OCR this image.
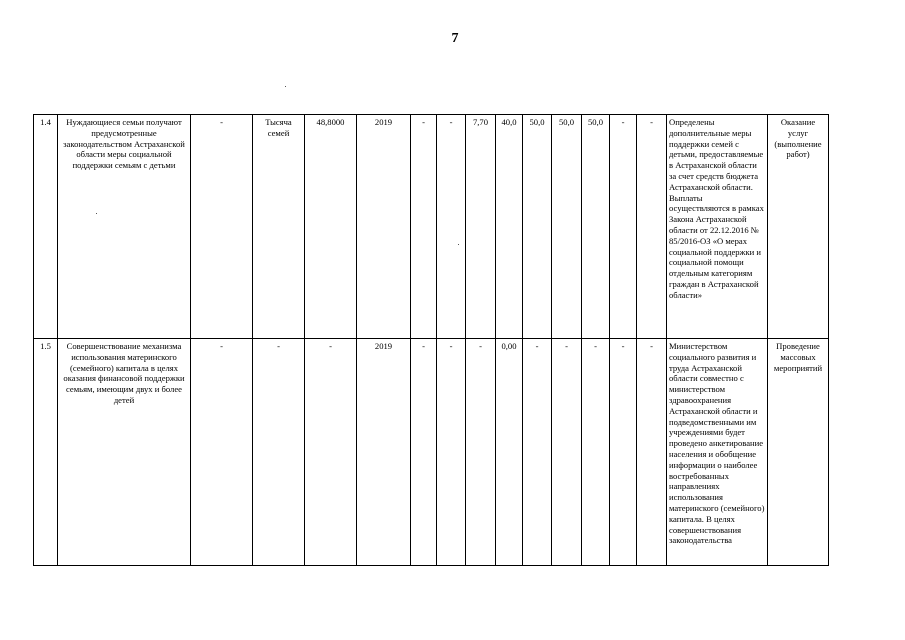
7
1.4	Нуждающиеся семьи получают предусмотренные законодательством Астраханской области меры социальной поддержки семьям с детьми	-	Тысяча семей	48,8000	2019	-	-	7,70	40,0	50,0	50,0	50,0	-	-	Определены дополнительные меры поддержки семей с детьми, предоставляемые в Астраханской области за счет средств бюджета Астраханской области. Выплаты осуществляются в рамках Закона Астраханской области от 22.12.2016 № 85/2016-ОЗ «О мерах социальной поддержки и социальной помощи отдельным категориям граждан в Астраханской области»	Оказание услуг (выполнение работ)
1.5	Совершенствование механизма использования материнского (семейного) капитала в целях оказания финансовой поддержки семьям, имеющим двух и более детей	-	-	-	2019	-	-	-	0,00	-	-	-	-	-	Министерством социального развития и труда Астраханской области совместно с министерством здравоохранения Астраханской области и подведомственными им учреждениями будет проведено анкетирование населения и обобщение информации о наиболее востребованных направлениях использования материнского (семейного) капитала. В целях совершенствования законодательства	Проведение массовых мероприятий
